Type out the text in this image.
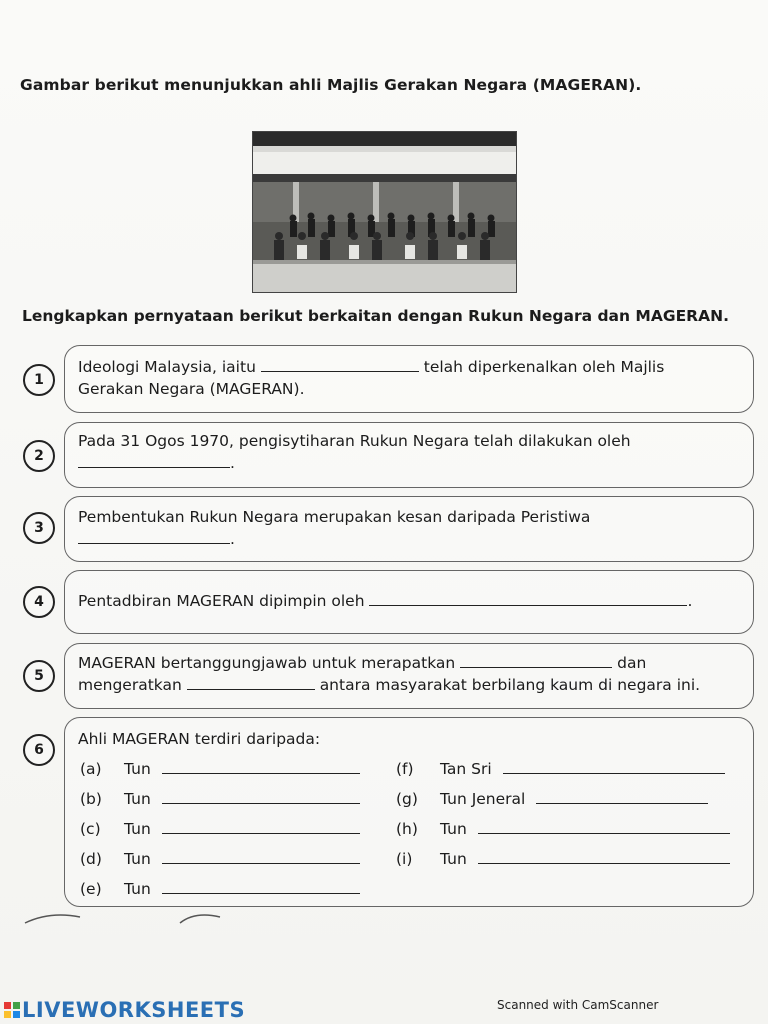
Gambar berikut menunjukkan ahli Majlis Gerakan Negara (MAGERAN).
Lengkapkan pernyataan berikut berkaitan dengan Rukun Negara dan MAGERAN.
1
Ideologi Malaysia, iaitu	telah diperkenalkan oleh Majlis
Gerakan Negara (MAGERAN).
2
Pada 31 Ogos 1970, pengisytiharan Rukun Negara telah dilakukan oleh
.
3
Pembentukan Rukun Negara merupakan kesan daripada Peristiwa
.
4	Pentadbiran MAGERAN dipimpin oleh	.
5
MAGERAN bertanggungjawab untuk merapatkan	dan
mengeratkan	antara masyarakat berbilang kaum di negara ini.
6
Ahli MAGERAN terdiri daripada:
(a) Tun
(b) Tun
(c) Tun
(d) Tun
(e) Tun
(f) Tan Sri
(g) Tun Jeneral
(h) Tun
(i) Tun
LIVEWORKSHEETS	Scanned with CamScanner
